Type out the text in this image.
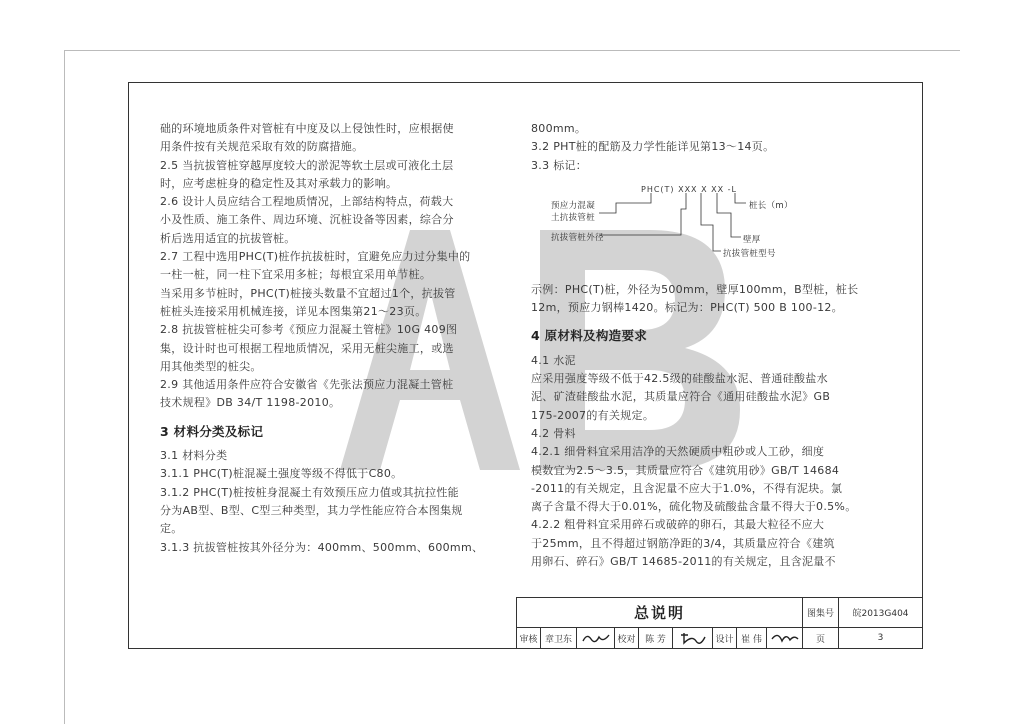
础的环境地质条件对管桩有中度及以上侵蚀性时，应根据使

用条件按有关规范采取有效的防腐措施。

2.5 当抗拔管桩穿越厚度较大的淤泥等软土层或可液化土层

时，应考虑桩身的稳定性及其对承载力的影响。

2.6 设计人员应结合工程地质情况，上部结构特点，荷载大

小及性质、施工条件、周边环境、沉桩设备等因素，综合分

析后选用适宜的抗拔管桩。

2.7 工程中选用PHC(T)桩作抗拔桩时，宜避免应力过分集中的

一柱一桩，同一柱下宜采用多桩；每根宜采用单节桩。

当采用多节桩时，PHC(T)桩接头数量不宜超过1个，抗拔管

桩桩头连接采用机械连接，详见本图集第21～23页。

2.8 抗拔管桩桩尖可参考《预应力混凝土管桩》10G 409图

集，设计时也可根据工程地质情况，采用无桩尖施工，或选

用其他类型的桩尖。

2.9 其他适用条件应符合安徽省《先张法预应力混凝土管桩

技术规程》DB 34/T 1198-2010。

3 材料分类及标记

3.1 材料分类

3.1.1 PHC(T)桩混凝土强度等级不得低于C80。

3.1.2 PHC(T)桩按桩身混凝土有效预压应力值或其抗拉性能

分为AB型、B型、C型三种类型，其力学性能应符合本图集规

定。

3.1.3 抗拔管桩按其外径分为：400mm、500mm、600mm、

800mm。

3.2 PHT桩的配筋及力学性能详见第13～14页。

3.3 标记：

PHC(T) XXX X XX -L
预应力混凝
土抗拔管桩
抗拔管桩外径
桩长（m）
壁厚
抗拔管桩型号

示例：PHC(T)桩，外径为500mm，壁厚100mm，B型桩，桩长

12m，预应力钢棒1420。标记为：PHC(T) 500 B 100-12。

4 原材料及构造要求

4.1 水泥

应采用强度等级不低于42.5级的硅酸盐水泥、普通硅酸盐水

泥、矿渣硅酸盐水泥，其质量应符合《通用硅酸盐水泥》GB

175-2007的有关规定。

4.2 骨料

4.2.1 细骨料宜采用洁净的天然硬质中粗砂或人工砂，细度

模数宜为2.5～3.5，其质量应符合《建筑用砂》GB/T 14684

-2011的有关规定，且含泥量不应大于1.0%，不得有泥块。氯

离子含量不得大于0.01%，硫化物及硫酸盐含量不得大于0.5%。

4.2.2 粗骨料宜采用碎石或破碎的卵石，其最大粒径不应大

于25mm，且不得超过钢筋净距的3/4，其质量应符合《建筑

用卵石、碎石》GB/T 14685-2011的有关规定，且含泥量不

总说明	图集号	皖2013G404
审核 章卫东	校对	陈 芳	设计 崔 伟	页	3
